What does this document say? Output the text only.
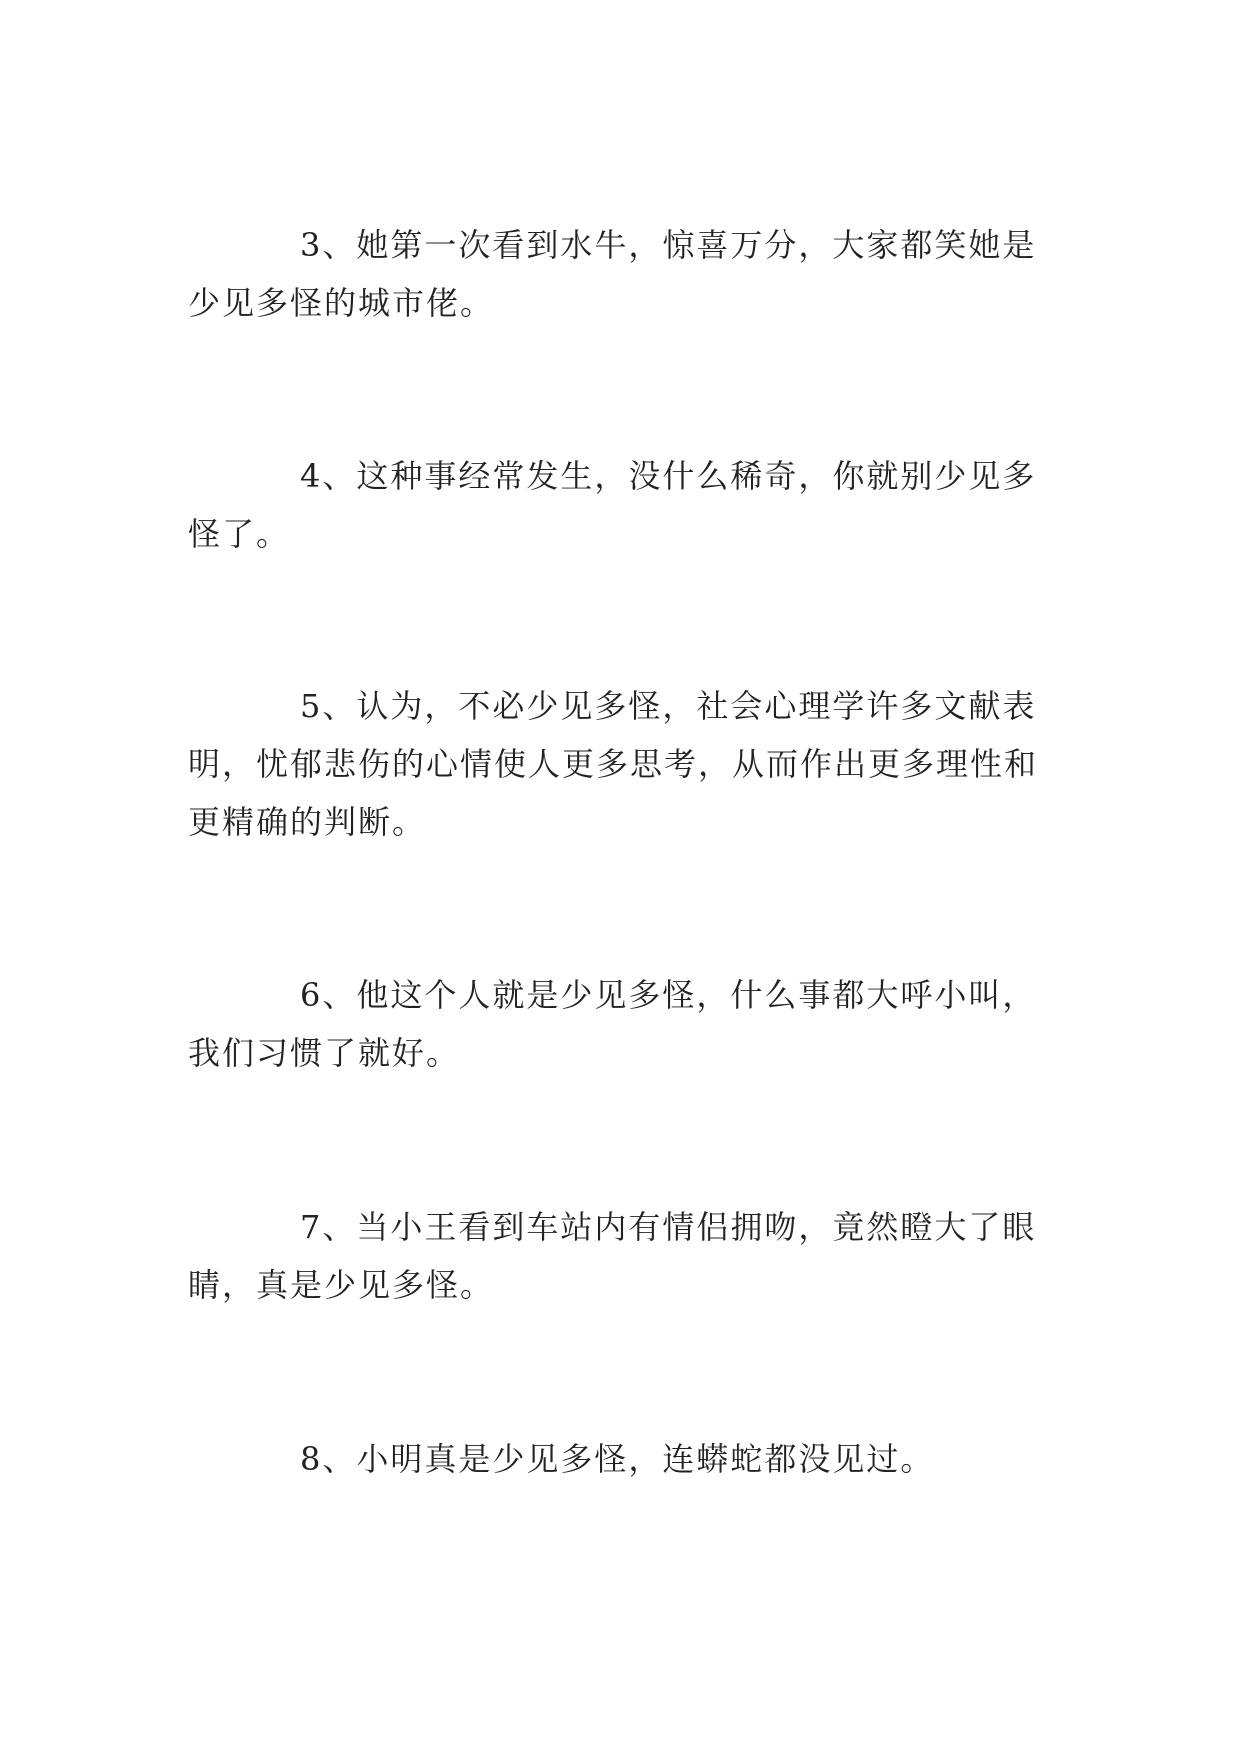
3、她第一次看到水牛，惊喜万分，大家都笑她是少见多怪的城市佬。

4、这种事经常发生，没什么稀奇，你就别少见多怪了。

5、认为，不必少见多怪，社会心理学许多文献表明，忧郁悲伤的心情使人更多思考，从而作出更多理性和更精确的判断。

6、他这个人就是少见多怪，什么事都大呼小叫，我们习惯了就好。

7、当小王看到车站内有情侣拥吻，竟然瞪大了眼睛，真是少见多怪。

8、小明真是少见多怪，连蟒蛇都没见过。
